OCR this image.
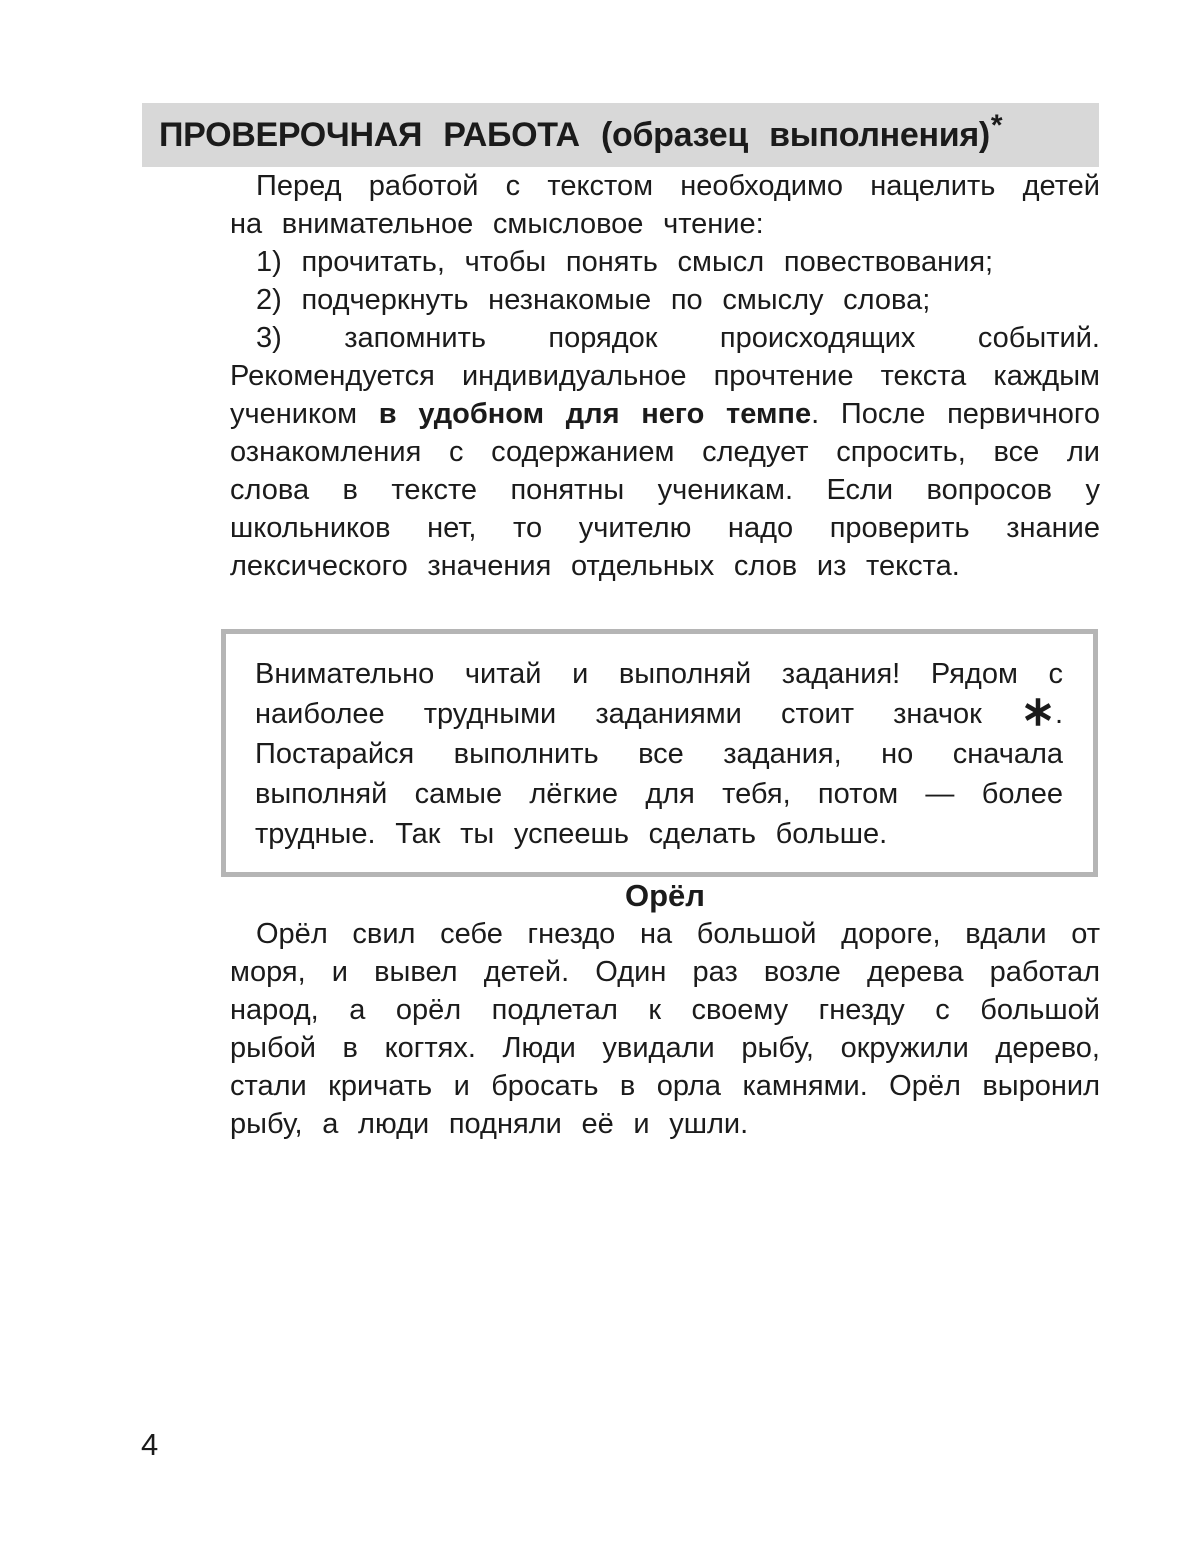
ПРОВЕРОЧНАЯ РАБОТА (образец выполнения) *

Перед работой с текстом необходимо нацелить детей на внимательное смысловое чтение:

1) прочитать, чтобы понять смысл повествования;

2) подчеркнуть незнакомые по смыслу слова;

3) запомнить порядок происходящих событий. Рекомендуется индивидуальное прочтение текста каждым учеником в удобном для него темпе. После первичного ознакомления с содержанием следует спросить, все ли слова в тексте понятны ученикам. Если вопросов у школьников нет, то учителю надо проверить знание лексического значения отдельных слов из текста.

Внимательно читай и выполняй задания! Рядом с наиболее трудными заданиями стоит значок . Постарайся выполнить все задания, но сначала выполняй самые лёгкие для тебя, потом — более трудные. Так ты успеешь сделать больше.

Орёл

Орёл свил себе гнездо на большой дороге, вдали от моря, и вывел детей. Один раз возле дерева работал народ, а орёл подлетал к своему гнезду с большой рыбой в когтях. Люди увидали рыбу, окружили дерево, стали кричать и бросать в орла камнями. Орёл выронил рыбу, а люди подняли её и ушли.

4
